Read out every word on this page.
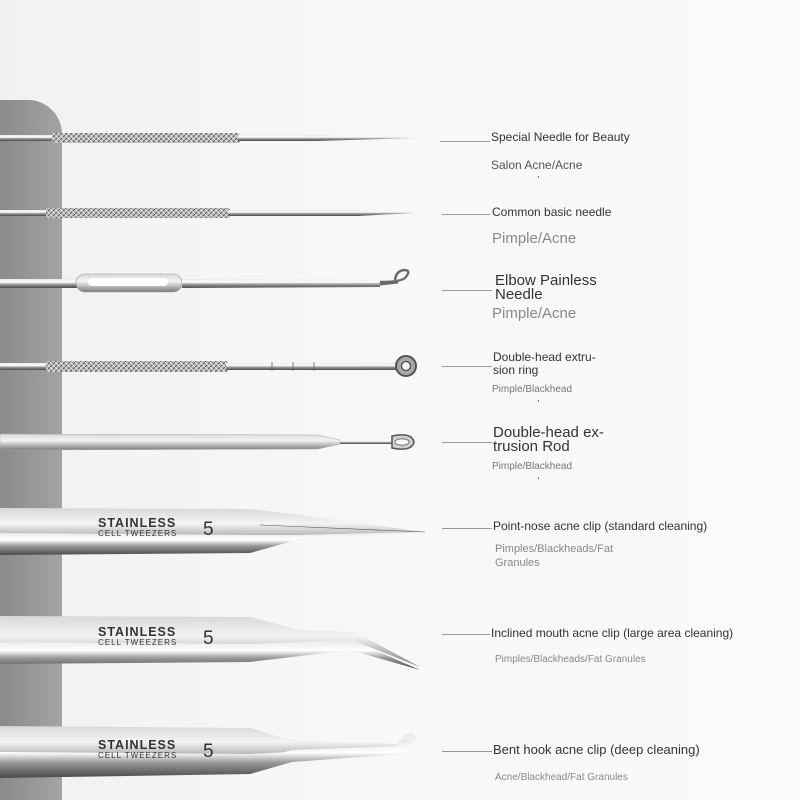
STAINLESS
CELL TWEEZERS 5
STAINLESS
CELL TWEEZERS 5
STAINLESS
CELL TWEEZERS 5
Special Needle for Beauty
Salon Acne/Acne
Common basic needle
Pimple/Acne
Elbow Painless
Needle
Pimple/Acne
Double-head extru-
sion ring
Pimple/Blackhead
Double-head ex-
trusion Rod
Pimple/Blackhead
Point-nose acne clip (standard cleaning)
Pimples/Blackheads/Fat
Granules
Inclined mouth acne clip (large area cleaning)
Pimples/Blackheads/Fat Granules
Bent hook acne clip (deep cleaning)
Acne/Blackhead/Fat Granules
